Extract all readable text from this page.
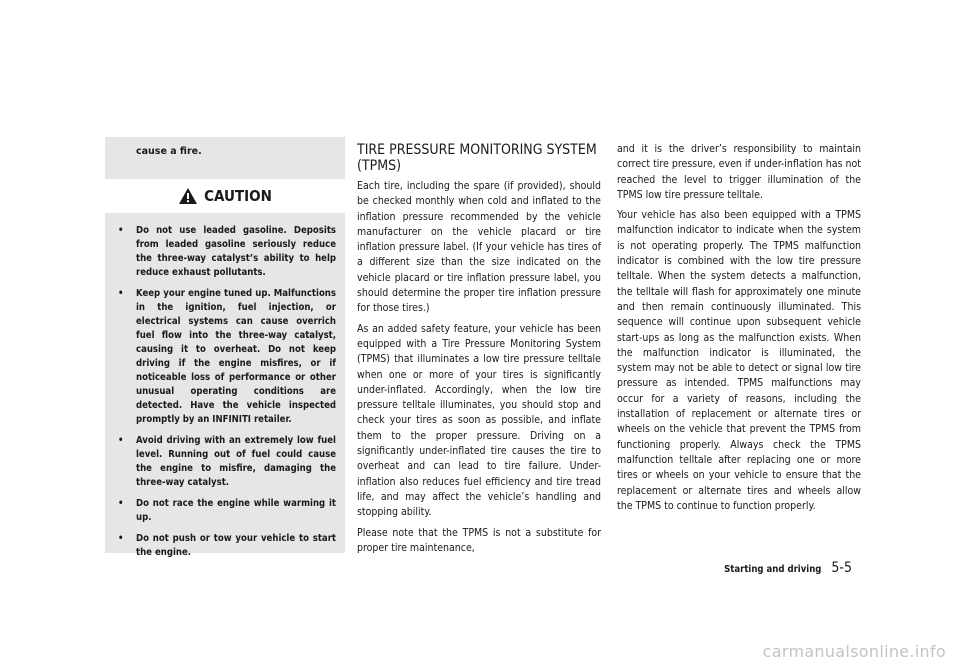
cause a fire.
CAUTION
• Do not use leaded gasoline. Deposits from leaded gasoline seriously reduce the three-way catalyst’s ability to help reduce exhaust pollutants.
• Keep your engine tuned up. Malfunctions in the ignition, fuel injection, or electrical systems can cause overrich fuel flow into the three-way catalyst, causing it to overheat. Do not keep driving if the engine misfires, or if noticeable loss of performance or other unusual operating conditions are detected. Have the vehicle inspected promptly by an INFINITI retailer.
• Avoid driving with an extremely low fuel level. Running out of fuel could cause the engine to misfire, damaging the three-way catalyst.
• Do not race the engine while warming it up.
• Do not push or tow your vehicle to start the engine.
TIRE PRESSURE MONITORING SYSTEM (TPMS)

Each tire, including the spare (if provided), should be checked monthly when cold and inflated to the inflation pressure recommended by the vehicle manufacturer on the vehicle placard or tire inflation pressure label. (If your vehicle has tires of a different size than the size indicated on the vehicle placard or tire inflation pressure label, you should determine the proper tire inflation pressure for those tires.)

As an added safety feature, your vehicle has been equipped with a Tire Pressure Monitoring System (TPMS) that illuminates a low tire pressure telltale when one or more of your tires is significantly under-inflated. Accordingly, when the low tire pressure telltale illuminates, you should stop and check your tires as soon as possible, and inflate them to the proper pressure. Driving on a significantly under-inflated tire causes the tire to overheat and can lead to tire failure. Under-inflation also reduces fuel efficiency and tire tread life, and may affect the vehicle’s handling and stopping ability.

Please note that the TPMS is not a substitute for proper tire maintenance,

and it is the driver’s responsibility to maintain correct tire pressure, even if under-inflation has not reached the level to trigger illumination of the TPMS low tire pressure telltale.

Your vehicle has also been equipped with a TPMS malfunction indicator to indicate when the system is not operating properly. The TPMS malfunction indicator is combined with the low tire pressure telltale. When the system detects a malfunction, the telltale will flash for approximately one minute and then remain continuously illuminated. This sequence will continue upon subsequent vehicle start-ups as long as the malfunction exists. When the malfunction indicator is illuminated, the system may not be able to detect or signal low tire pressure as intended. TPMS malfunctions may occur for a variety of reasons, including the installation of replacement or alternate tires or wheels on the vehicle that prevent the TPMS from functioning properly. Always check the TPMS malfunction telltale after replacing one or more tires or wheels on your vehicle to ensure that the replacement or alternate tires and wheels allow the TPMS to continue to function properly.

Starting and driving 5-5
carmanualsonline.info
